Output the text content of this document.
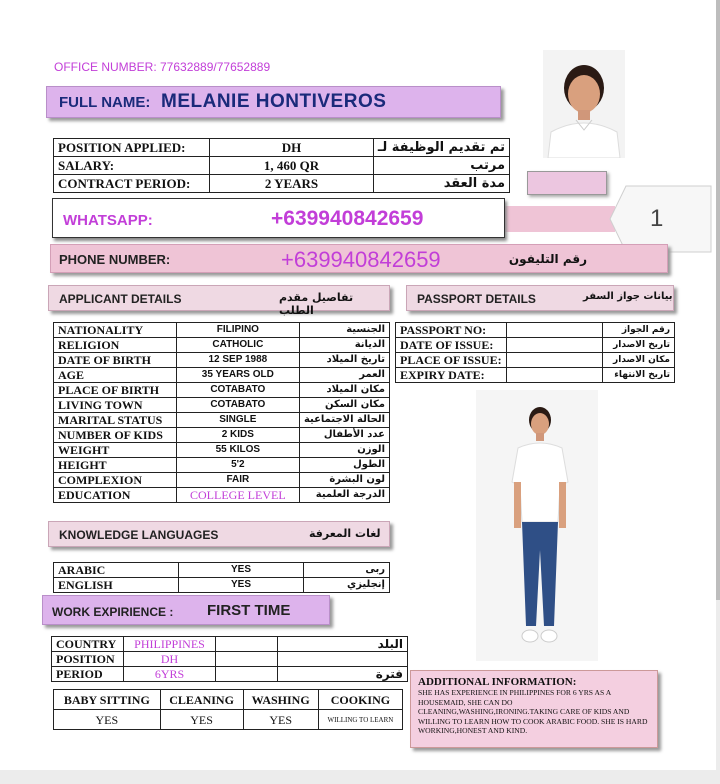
OFFICE NUMBER: 77632889/77652889
FULL NAME: MELANIE HONTIVEROS
POSITION APPLIED:	DH	تم تقديم الوظيفة لـ
SALARY:	1, 460 QR	مرتب
CONTRACT PERIOD:	2 YEARS	مدة العقد
WHATSAPP:	+639940842659	1
PHONE NUMBER:	+639940842659	رقم التليفون
APPLICANT DETAILS	تفاصيل مقدم الطلب
PASSPORT DETAILS	بيانات جواز السفر
NATIONALITY	FILIPINO	الجنسية
RELIGION	CATHOLIC	الديانة
DATE OF BIRTH	12 SEP 1988	تاريخ الميلاد
AGE	35 YEARS OLD	العمر
PLACE OF BIRTH	COTABATO	مكان الميلاد
LIVING TOWN	COTABATO	مكان السكن
MARITAL STATUS	SINGLE	الحالة الاجتماعية
NUMBER OF KIDS	2 KIDS	عدد الأطفال
WEIGHT	55 KILOS	الوزن
HEIGHT	5'2	الطول
COMPLEXION	FAIR	لون البشرة
EDUCATION	COLLEGE LEVEL	الدرجة العلمية
PASSPORT NO:		رقم الجواز
DATE OF ISSUE:		تاريخ الاصدار
PLACE OF ISSUE:		مكان الاصدار
EXPIRY DATE:		تاريخ الانتهاء
KNOWLEDGE LANGUAGES	لغات المعرفة
ARABIC	YES	ربى
ENGLISH	YES	إنجليزي
WORK EXPIRIENCE : FIRST TIME
COUNTRY	PHILIPPINES		البلد
POSITION	DH		
PERIOD	6YRS		فترة
BABY SITTING	CLEANING	WASHING	COOKING
YES	YES	YES	WILLING TO LEARN
ADDITIONAL INFORMATION:
SHE HAS EXPERIENCE IN PHILIPPINES FOR 6 YRS AS A HOUSEMAID, SHE CAN DO CLEANING,WASHING,IRONING.TAKING CARE OF KIDS AND WILLING TO LEARN HOW TO COOK ARABIC FOOD. SHE IS HARD WORKING,HONEST AND KIND.
